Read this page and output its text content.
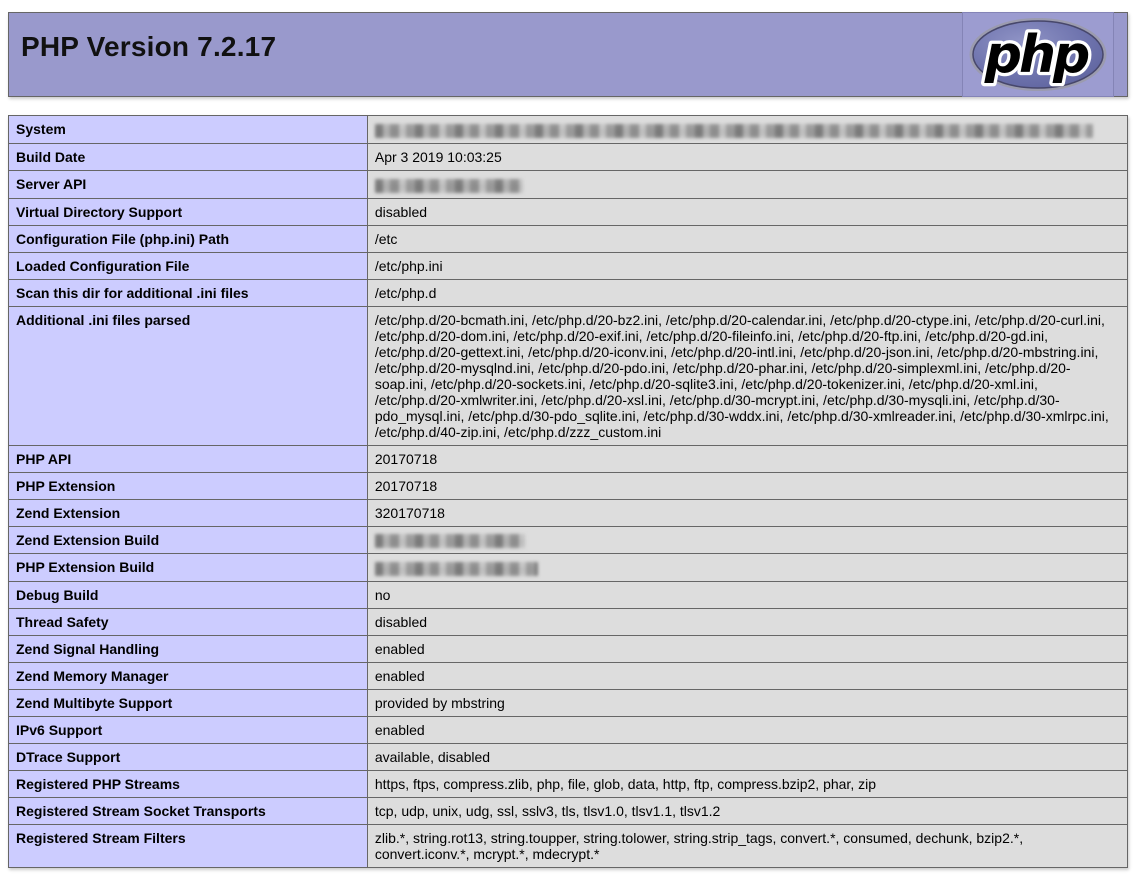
PHP Version 7.2.17	php
System	
Build Date	Apr 3 2019 10:03:25
Server API	
Virtual Directory Support	disabled
Configuration File (php.ini) Path	/etc
Loaded Configuration File	/etc/php.ini
Scan this dir for additional .ini files	/etc/php.d
Additional .ini files parsed	/etc/php.d/20-bcmath.ini, /etc/php.d/20-bz2.ini, /etc/php.d/20-calendar.ini, /etc/php.d/20-ctype.ini, /etc/php.d/20-curl.ini, /etc/php.d/20-dom.ini, /etc/php.d/20-exif.ini, /etc/php.d/20-fileinfo.ini, /etc/php.d/20-ftp.ini, /etc/php.d/20-gd.ini, /etc/php.d/20-gettext.ini, /etc/php.d/20-iconv.ini, /etc/php.d/20-intl.ini, /etc/php.d/20-json.ini, /etc/php.d/20-mbstring.ini, /etc/php.d/20-mysqlnd.ini, /etc/php.d/20-pdo.ini, /etc/php.d/20-phar.ini, /etc/php.d/20-simplexml.ini, /etc/php.d/20-soap.ini, /etc/php.d/20-sockets.ini, /etc/php.d/20-sqlite3.ini, /etc/php.d/20-tokenizer.ini, /etc/php.d/20-xml.ini, /etc/php.d/20-xmlwriter.ini, /etc/php.d/20-xsl.ini, /etc/php.d/30-mcrypt.ini, /etc/php.d/30-mysqli.ini, /etc/php.d/30-pdo_mysql.ini, /etc/php.d/30-pdo_sqlite.ini, /etc/php.d/30-wddx.ini, /etc/php.d/30-xmlreader.ini, /etc/php.d/30-xmlrpc.ini, /etc/php.d/40-zip.ini, /etc/php.d/zzz_custom.ini
PHP API	20170718
PHP Extension	20170718
Zend Extension	320170718
Zend Extension Build	
PHP Extension Build	
Debug Build	no
Thread Safety	disabled
Zend Signal Handling	enabled
Zend Memory Manager	enabled
Zend Multibyte Support	provided by mbstring
IPv6 Support	enabled
DTrace Support	available, disabled
Registered PHP Streams	https, ftps, compress.zlib, php, file, glob, data, http, ftp, compress.bzip2, phar, zip
Registered Stream Socket Transports	tcp, udp, unix, udg, ssl, sslv3, tls, tlsv1.0, tlsv1.1, tlsv1.2
Registered Stream Filters	zlib.*, string.rot13, string.toupper, string.tolower, string.strip_tags, convert.*, consumed, dechunk, bzip2.*, convert.iconv.*, mcrypt.*, mdecrypt.*
